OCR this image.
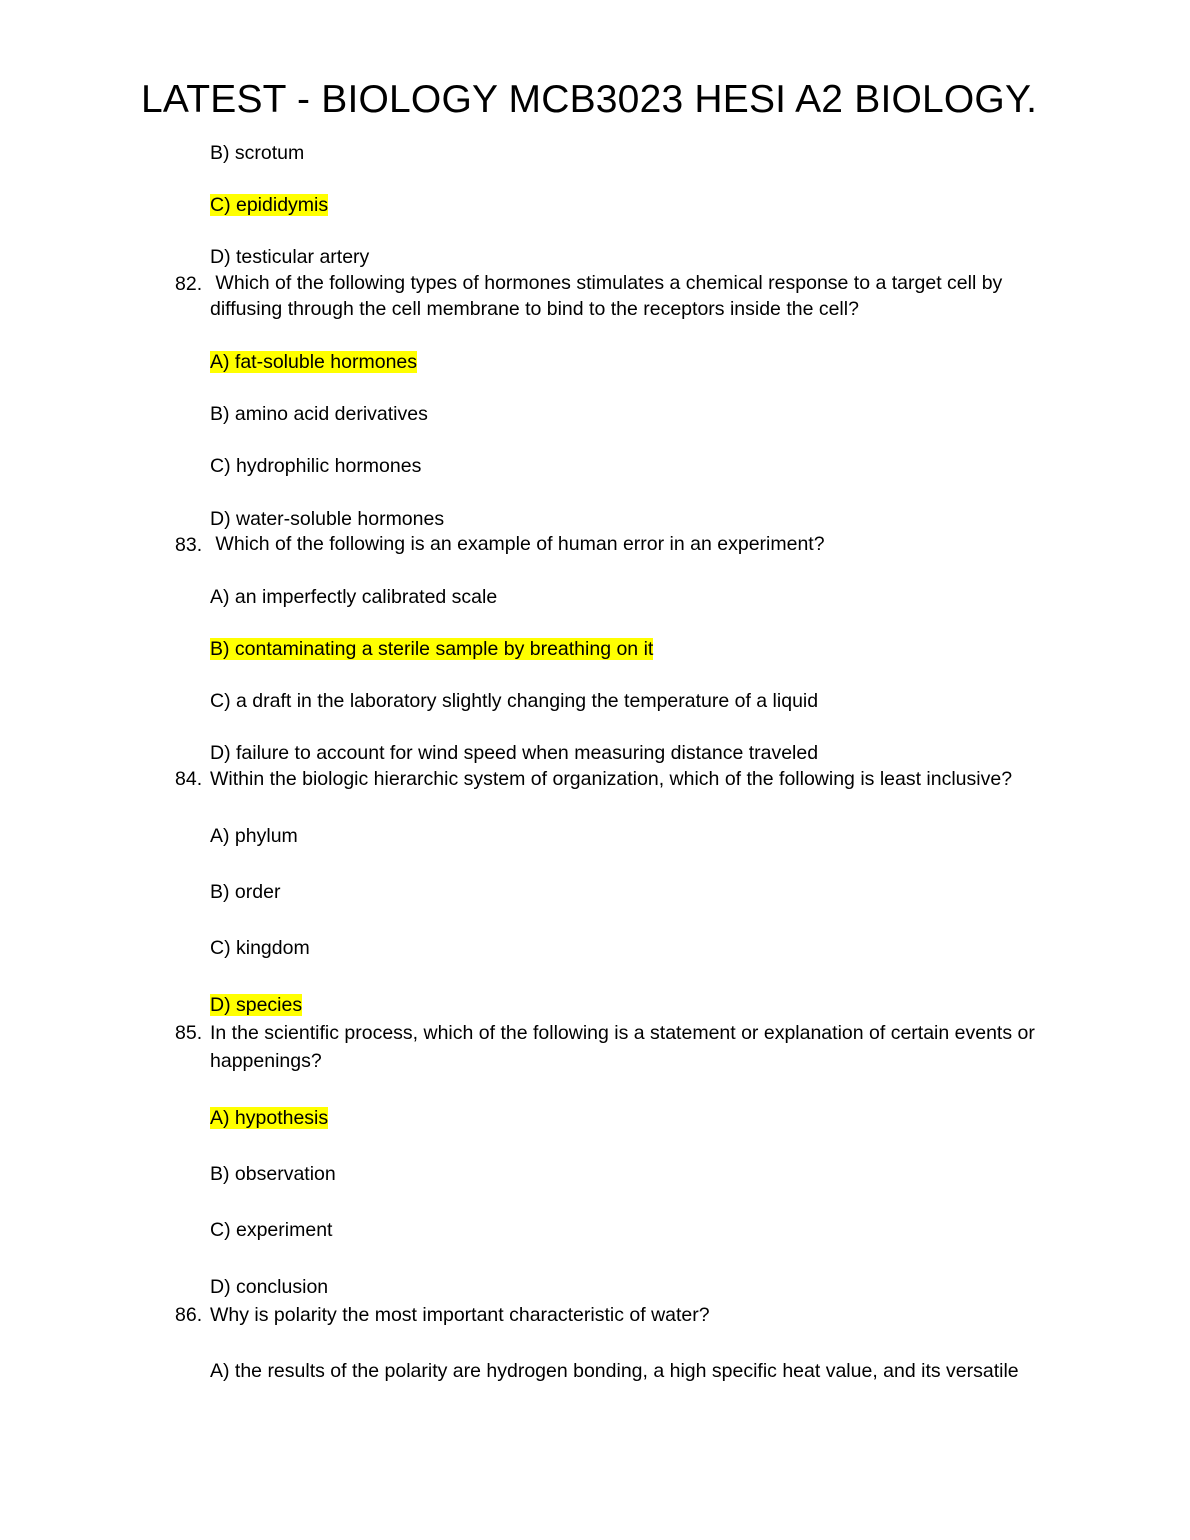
LATEST - BIOLOGY MCB3023 HESI A2 BIOLOGY.
B) scrotum
C) epididymis
D) testicular artery
82. Which of the following types of hormones stimulates a chemical response to a target cell by
diffusing through the cell membrane to bind to the receptors inside the cell?
A) fat-soluble hormones
B) amino acid derivatives
C) hydrophilic hormones
D) water-soluble hormones
83. Which of the following is an example of human error in an experiment?
A) an imperfectly calibrated scale
B) contaminating a sterile sample by breathing on it
C) a draft in the laboratory slightly changing the temperature of a liquid
D) failure to account for wind speed when measuring distance traveled
84. Within the biologic hierarchic system of organization, which of the following is least inclusive?
A) phylum
B) order
C) kingdom
D) species
85. In the scientific process, which of the following is a statement or explanation of certain events or
happenings?
A) hypothesis
B) observation
C) experiment
D) conclusion
86. Why is polarity the most important characteristic of water?
A) the results of the polarity are hydrogen bonding, a high specific heat value, and its versatile
